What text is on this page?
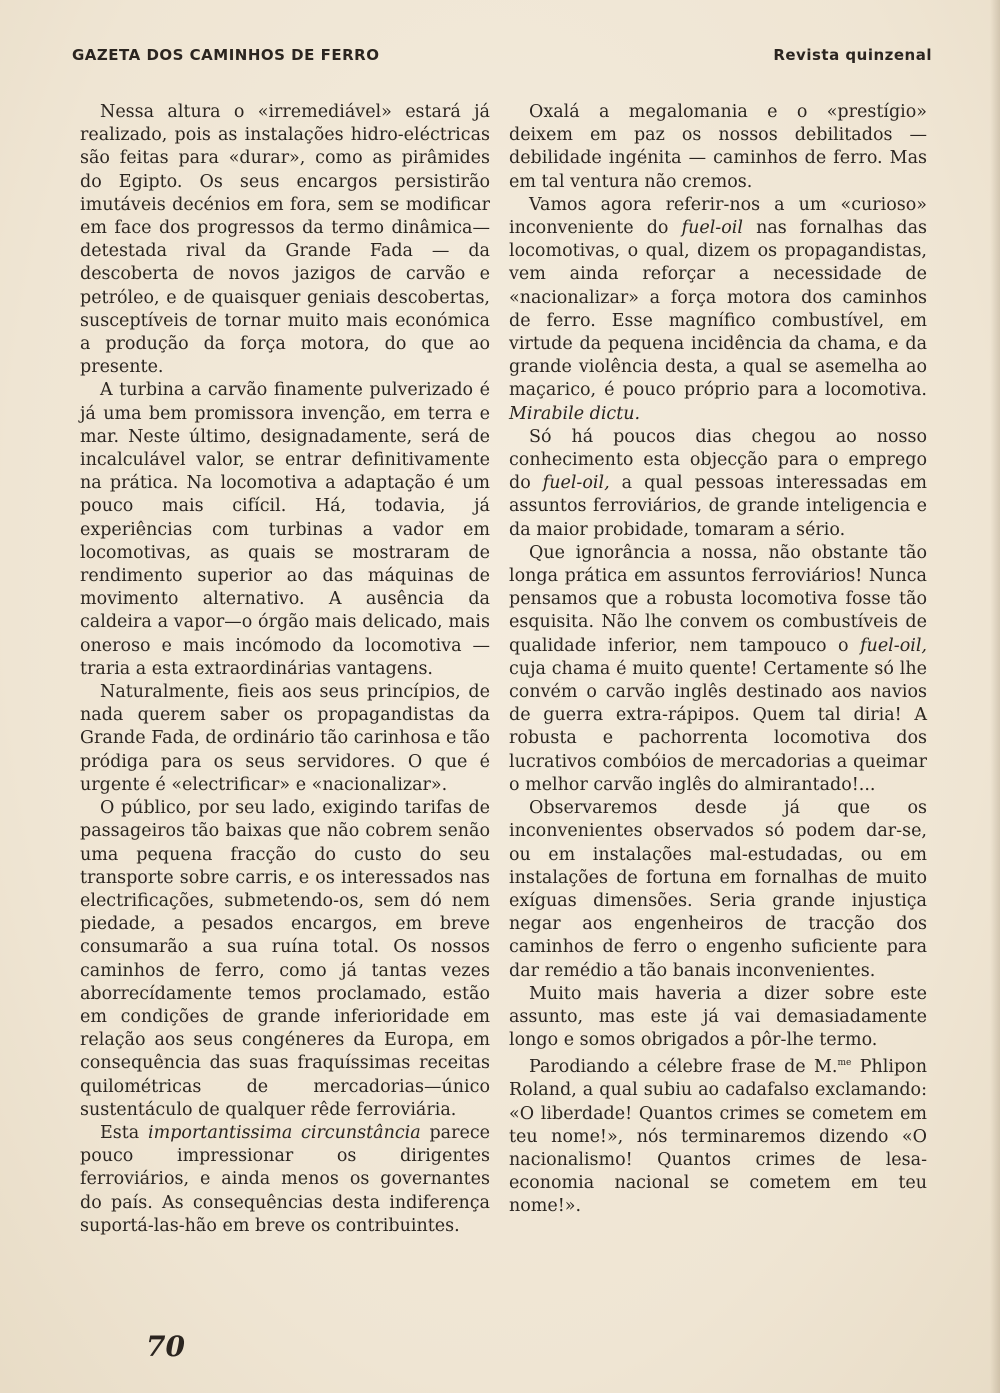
GAZETA DOS CAMINHOS DE FERRO	Revista quinzenal

Nessa altura o «irremediável» estará já realizado, pois as instalações hidro-eléctricas são feitas para «durar», como as pirâmides do Egipto. Os seus encargos persistirão imutáveis decénios em fora, sem se modificar em face dos progressos da termo dinâmica—detestada rival da Grande Fada — da descoberta de novos jazigos de carvão e petróleo, e de quaisquer geniais descobertas, susceptíveis de tornar muito mais económica a produção da força motora, do que ao presente.

A turbina a carvão finamente pulverizado é já uma bem promissora invenção, em terra e mar. Neste último, designadamente, será de incalculável valor, se entrar definitivamente na prática. Na locomotiva a adaptação é um pouco mais cifícil. Há, todavia, já experiências com turbinas a vador em locomotivas, as quais se mostraram de rendimento superior ao das máquinas de movimento alternativo. A ausência da caldeira a vapor—o órgão mais delicado, mais oneroso e mais incómodo da locomotiva —traria a esta extraordinárias vantagens.

Naturalmente, fieis aos seus princípios, de nada querem saber os propagandistas da Grande Fada, de ordinário tão carinhosa e tão pródiga para os seus servidores. O que é urgente é «electrificar» e «nacionalizar».

O público, por seu lado, exigindo tarifas de passageiros tão baixas que não cobrem senão uma pequena fracção do custo do seu transporte sobre carris, e os interessados nas electrificações, submetendo-os, sem dó nem piedade, a pesados encargos, em breve consumarão a sua ruína total. Os nossos caminhos de ferro, como já tantas vezes aborrecídamente temos proclamado, estão em condições de grande inferioridade em relação aos seus congéneres da Europa, em consequência das suas fraquíssimas receitas quilométricas de mercadorias—único sustentáculo de qualquer rêde ferroviária.

Esta importantissima circunstância parece pouco impressionar os dirigentes ferroviários, e ainda menos os governantes do país. As consequências desta indiferença suportá-las-hão em breve os contribuintes.

Oxalá a megalomania e o «prestígio» deixem em paz os nossos debilitados — debilidade ingénita — caminhos de ferro. Mas em tal ventura não cremos.

Vamos agora referir-nos a um «curioso» inconveniente do fuel-oil nas fornalhas das locomotivas, o qual, dizem os propagandistas, vem ainda reforçar a necessidade de «nacionalizar» a força motora dos caminhos de ferro. Esse magnífico combustível, em virtude da pequena incidência da chama, e da grande violência desta, a qual se asemelha ao maçarico, é pouco próprio para a locomotiva. Mirabile dictu.

Só há poucos dias chegou ao nosso conhecimento esta objecção para o emprego do fuel-oil, a qual pessoas interessadas em assuntos ferroviários, de grande inteligencia e da maior probidade, tomaram a sério.

Que ignorância a nossa, não obstante tão longa prática em assuntos ferroviários! Nunca pensamos que a robusta locomotiva fosse tão esquisita. Não lhe convem os combustíveis de qualidade inferior, nem tampouco o fuel-oil, cuja chama é muito quente! Certamente só lhe convém o carvão inglês destinado aos navios de guerra extra-rápipos. Quem tal diria! A robusta e pachorrenta locomotiva dos lucrativos combóios de mercadorias a queimar o melhor carvão inglês do almirantado!...

Observaremos desde já que os inconvenientes observados só podem dar-se, ou em instalações mal-estudadas, ou em instalações de fortuna em fornalhas de muito exíguas dimensões. Seria grande injustiça negar aos engenheiros de tracção dos caminhos de ferro o engenho suficiente para dar remédio a tão banais inconvenientes.

Muito mais haveria a dizer sobre este assunto, mas este já vai demasiadamente longo e somos obrigados a pôr-lhe termo.

Parodiando a célebre frase de M.$^{me}$ Phlipon Roland, a qual subiu ao cadafalso exclamando: «O liberdade! Quantos crimes se cometem em teu nome!», nós terminaremos dizendo «O nacionalismo! Quantos crimes de lesa-economia nacional se cometem em teu nome!».

70
